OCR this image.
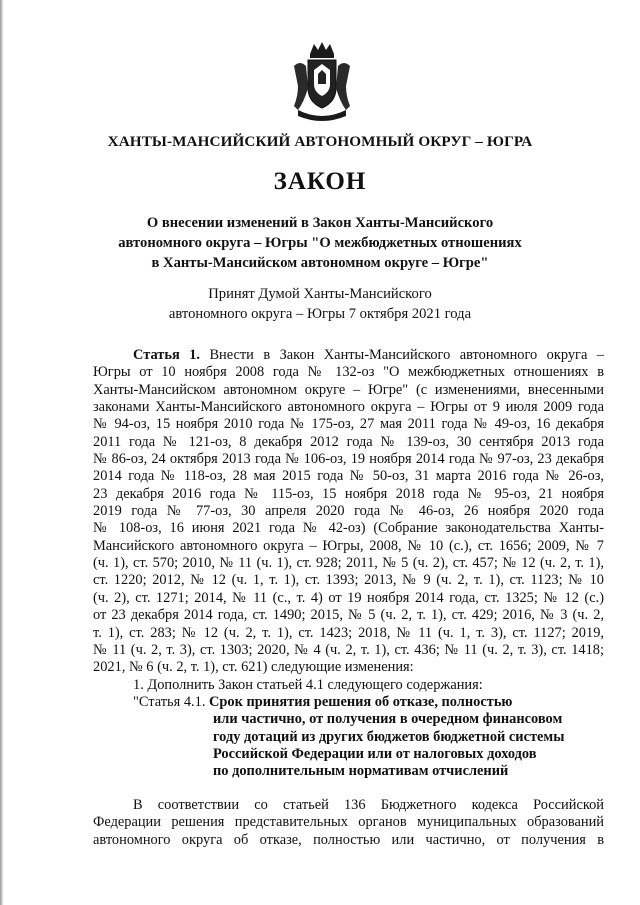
ХАНТЫ-МАНСИЙСКИЙ АВТОНОМНЫЙ ОКРУГ – ЮГРА
ЗАКОН
О внесении изменений в Закон Ханты-Мансийского
автономного округа – Югры "О межбюджетных отношениях
в Ханты-Мансийском автономном округе – Югре"
Принят Думой Ханты-Мансийского
автономного округа – Югры 7 октября 2021 года
Статья 1. Внести в Закон Ханты-Мансийского автономного округа –
Югры от 10 ноября 2008 года № 132-оз "О межбюджетных отношениях в
Ханты-Мансийском автономном округе – Югре" (с изменениями, внесенными
законами Ханты-Мансийского автономного округа – Югры от 9 июля 2009 года
№ 94-оз, 15 ноября 2010 года № 175-оз, 27 мая 2011 года № 49-оз, 16 декабря
2011 года № 121-оз, 8 декабря 2012 года № 139-оз, 30 сентября 2013 года
№ 86-оз, 24 октября 2013 года № 106-оз, 19 ноября 2014 года № 97-оз, 23 декабря
2014 года № 118-оз, 28 мая 2015 года № 50-оз, 31 марта 2016 года № 26-оз,
23 декабря 2016 года № 115-оз, 15 ноября 2018 года № 95-оз, 21 ноября
2019 года № 77-оз, 30 апреля 2020 года № 46-оз, 26 ноября 2020 года
№ 108-оз, 16 июня 2021 года № 42-оз) (Собрание законодательства Ханты-
Мансийского автономного округа – Югры, 2008, № 10 (с.), ст. 1656; 2009, № 7
(ч. 1), ст. 570; 2010, № 11 (ч. 1), ст. 928; 2011, № 5 (ч. 2), ст. 457; № 12 (ч. 2, т. 1),
ст. 1220; 2012, № 12 (ч. 1, т. 1), ст. 1393; 2013, № 9 (ч. 2, т. 1), ст. 1123; № 10
(ч. 2), ст. 1271; 2014, № 11 (с., т. 4) от 19 ноября 2014 года, ст. 1325; № 12 (с.)
от 23 декабря 2014 года, ст. 1490; 2015, № 5 (ч. 2, т. 1), ст. 429; 2016, № 3 (ч. 2,
т. 1), ст. 283; № 12 (ч. 2, т. 1), ст. 1423; 2018, № 11 (ч. 1, т. 3), ст. 1127; 2019,
№ 11 (ч. 2, т. 3), ст. 1303; 2020, № 4 (ч. 2, т. 1), ст. 436; № 11 (ч. 2, т. 3), ст. 1418;
2021, № 6 (ч. 2, т. 1), ст. 621) следующие изменения:
1. Дополнить Закон статьей 4.1 следующего содержания:
"Статья 4.1. Срок принятия решения об отказе, полностью
или частично, от получения в очередном финансовом
году дотаций из других бюджетов бюджетной системы
Российской Федерации или от налоговых доходов
по дополнительным нормативам отчислений
В соответствии со статьей 136 Бюджетного кодекса Российской
Федерации решения представительных органов муниципальных образований
автономного округа об отказе, полностью или частично, от получения в
